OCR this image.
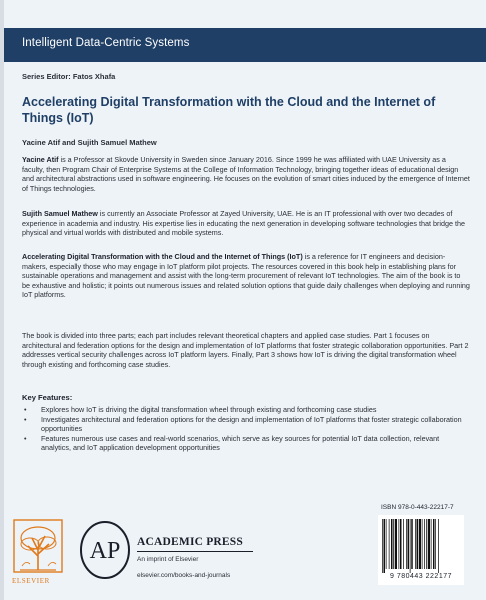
Intelligent Data-Centric Systems
Series Editor: Fatos Xhafa
Accelerating Digital Transformation with the Cloud and the Internet of Things (IoT)
Yacine Atif and Sujith Samuel Mathew

Yacine Atif is a Professor at Skovde University in Sweden since January 2016. Since 1999 he was affiliated with UAE University as a faculty, then Program Chair of Enterprise Systems at the College of Information Technology, bringing together ideas of educational design and architectural abstractions used in software engineering. He focuses on the evolution of smart cities induced by the emergence of Internet of Things technologies.

Sujith Samuel Mathew is currently an Associate Professor at Zayed University, UAE. He is an IT professional with over two decades of experience in academia and industry. His expertise lies in educating the next generation in developing software technologies that bridge the physical and virtual worlds with distributed and mobile systems.

Accelerating Digital Transformation with the Cloud and the Internet of Things (IoT) is a reference for IT engineers and decision-makers, especially those who may engage in IoT platform pilot projects. The resources covered in this book help in establishing plans for sustainable operations and management and assist with the long-term procurement of relevant IoT technologies. The aim of the book is to be exhaustive and holistic; it points out numerous issues and related solution options that guide daily challenges when deploying and running IoT platforms.

The book is divided into three parts; each part includes relevant theoretical chapters and applied case studies. Part 1 focuses on architectural and federation options for the design and implementation of IoT platforms that foster strategic collaboration opportunities. Part 2 addresses vertical security challenges across IoT platform layers. Finally, Part 3 shows how IoT is driving the digital transformation wheel through existing and forthcoming case studies.

Key Features:
• Explores how IoT is driving the digital transformation wheel through existing and forthcoming case studies
• Investigates architectural and federation options for the design and implementation of IoT platforms that foster strategic collaboration opportunities
• Features numerous use cases and real-world scenarios, which serve as key sources for potential IoT data collection, relevant analytics, and IoT application development opportunities
ELSEVIER
AP ACADEMIC PRESS
An imprint of Elsevier
elsevier.com/books-and-journals
ISBN 978-0-443-22217-7
9 780443 222177
